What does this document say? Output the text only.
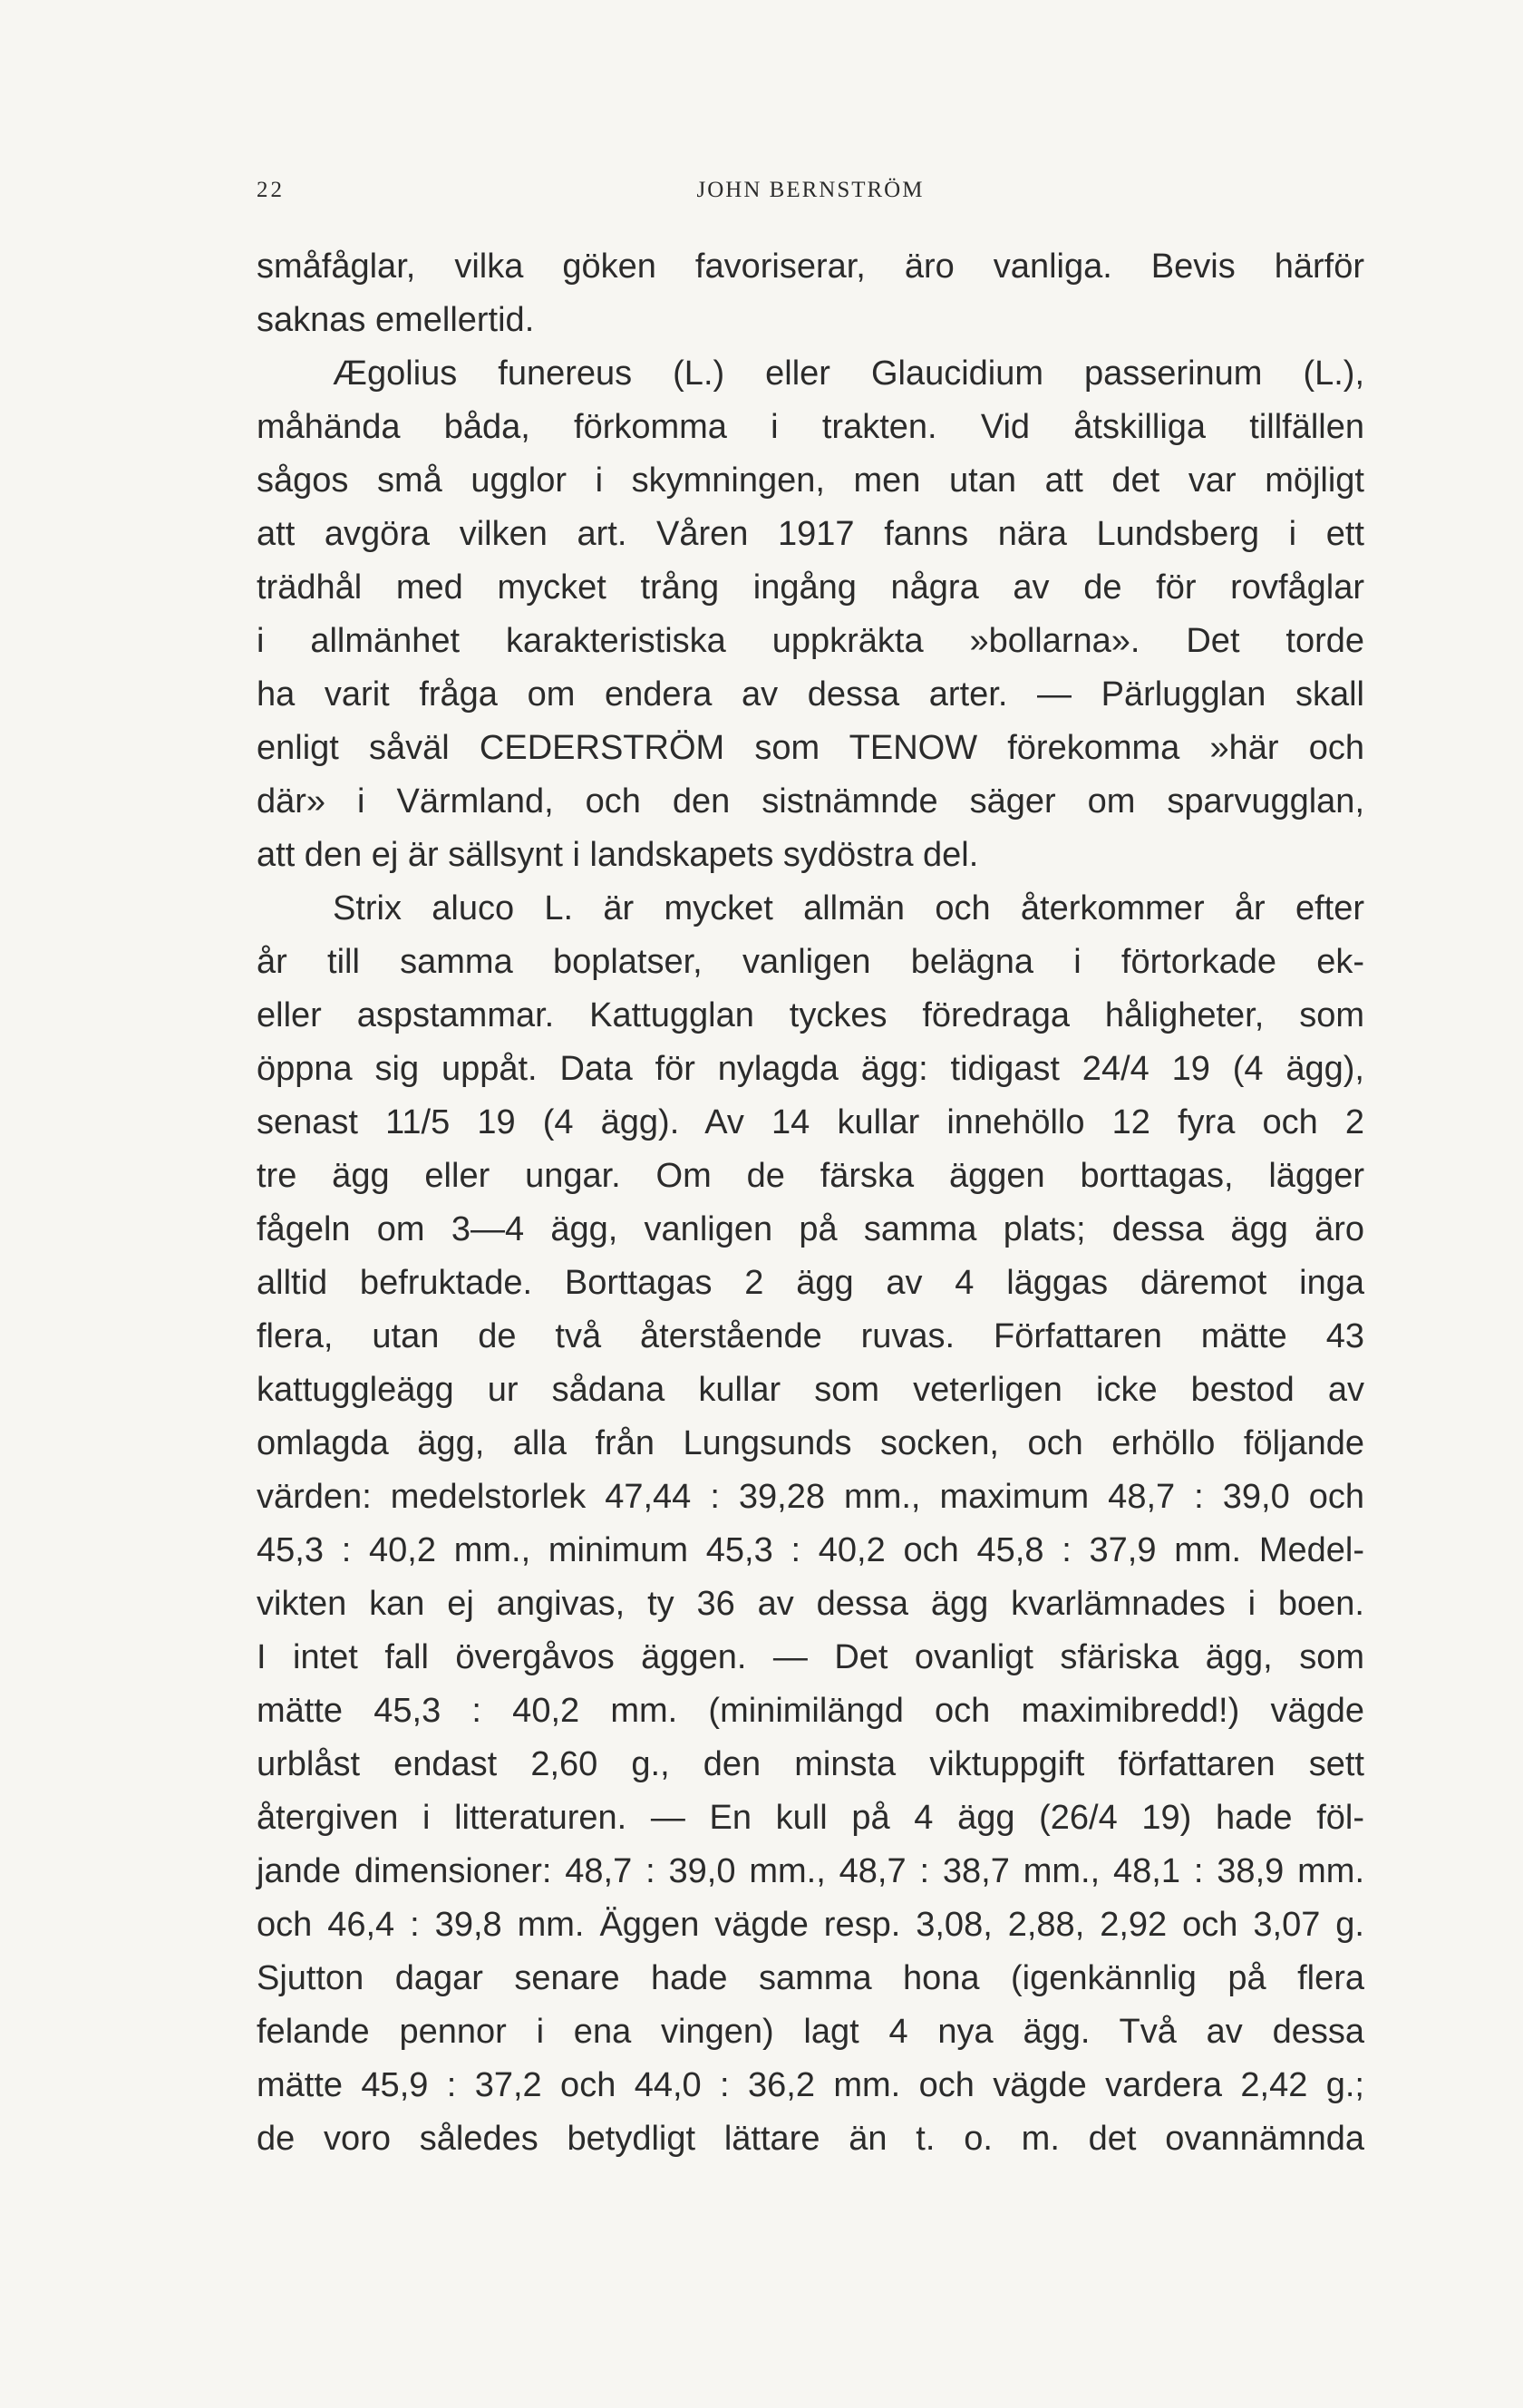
22	JOHN BERNSTRÖM
småfåglar, vilka göken favoriserar, äro vanliga. Bevis härför
saknas emellertid.
Ægolius funereus (L.) eller Glaucidium passerinum (L.),
måhända båda, förkomma i trakten. Vid åtskilliga tillfällen
sågos små ugglor i skymningen, men utan att det var möjligt
att avgöra vilken art. Våren 1917 fanns nära Lundsberg i ett
trädhål med mycket trång ingång några av de för rovfåglar
i allmänhet karakteristiska uppkräkta »bollarna». Det torde
ha varit fråga om endera av dessa arter. — Pärlugglan skall
enligt såväl CEDERSTRÖM som TENOW förekomma »här och
där» i Värmland, och den sistnämnde säger om sparvugglan,
att den ej är sällsynt i landskapets sydöstra del.
Strix aluco L. är mycket allmän och återkommer år efter
år till samma boplatser, vanligen belägna i förtorkade ek-
eller aspstammar. Kattugglan tyckes föredraga håligheter, som
öppna sig uppåt. Data för nylagda ägg: tidigast 24/4 19 (4 ägg),
senast 11/5 19 (4 ägg). Av 14 kullar innehöllo 12 fyra och 2
tre ägg eller ungar. Om de färska äggen borttagas, lägger
fågeln om 3—4 ägg, vanligen på samma plats; dessa ägg äro
alltid befruktade. Borttagas 2 ägg av 4 läggas däremot inga
flera, utan de två återstående ruvas. Författaren mätte 43
kattuggleägg ur sådana kullar som veterligen icke bestod av
omlagda ägg, alla från Lungsunds socken, och erhöllo följande
värden: medelstorlek 47,44 : 39,28 mm., maximum 48,7 : 39,0 och
45,3 : 40,2 mm., minimum 45,3 : 40,2 och 45,8 : 37,9 mm. Medel-
vikten kan ej angivas, ty 36 av dessa ägg kvarlämnades i boen.
I intet fall övergåvos äggen. — Det ovanligt sfäriska ägg, som
mätte 45,3 : 40,2 mm. (minimilängd och maximibredd!) vägde
urblåst endast 2,60 g., den minsta viktuppgift författaren sett
återgiven i litteraturen. — En kull på 4 ägg (26/4 19) hade föl-
jande dimensioner: 48,7 : 39,0 mm., 48,7 : 38,7 mm., 48,1 : 38,9 mm.
och 46,4 : 39,8 mm. Äggen vägde resp. 3,08, 2,88, 2,92 och 3,07 g.
Sjutton dagar senare hade samma hona (igenkännlig på flera
felande pennor i ena vingen) lagt 4 nya ägg. Två av dessa
mätte 45,9 : 37,2 och 44,0 : 36,2 mm. och vägde vardera 2,42 g.;
de voro således betydligt lättare än t. o. m. det ovannämnda
